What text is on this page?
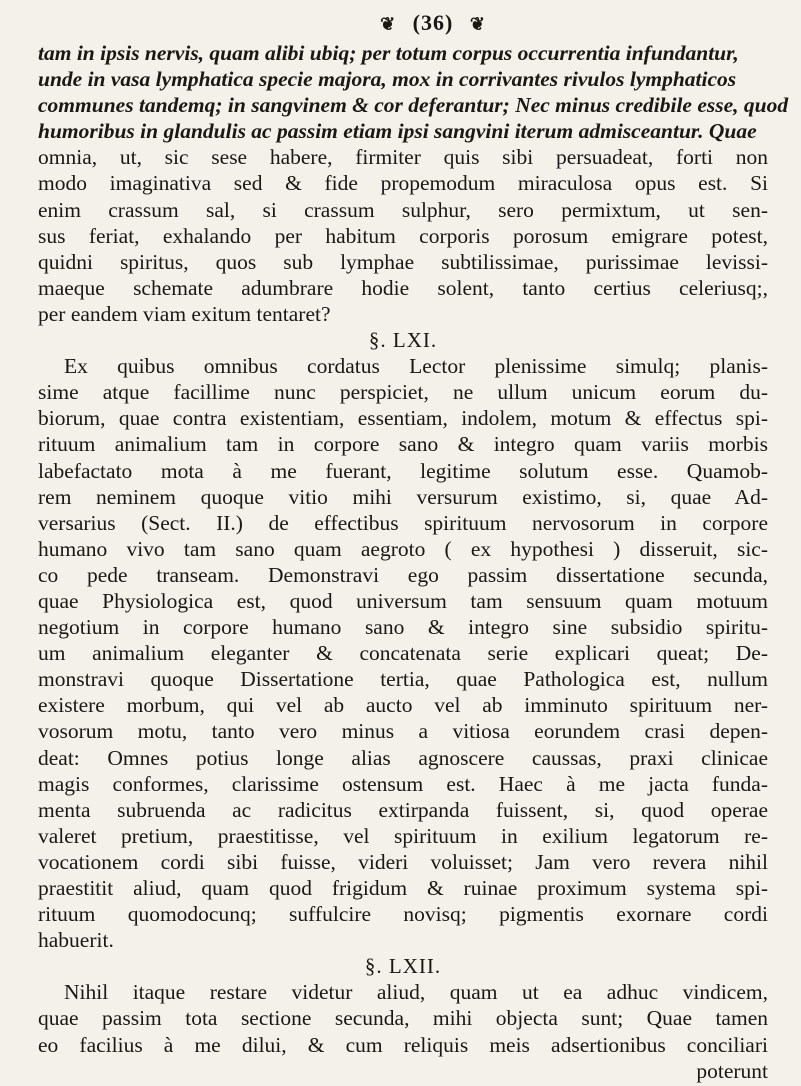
❦ (36) ❦
tam in ipsis nervis, quam alibi ubiq; per totum corpus occurrentia infundantur,
unde in vasa lymphatica specie majora, mox in corrivantes rivulos lymphaticos
communes tandemq; in sangvinem & cor deferantur; Nec minus credibile esse, quod
humoribus in glandulis ac passim etiam ipsi sangvini iterum admisceantur. Quae
omnia, ut, sic sese habere, firmiter quis sibi persuadeat, forti non
modo imaginativa sed & fide propemodum miraculosa opus est. Si
enim crassum sal, si crassum sulphur, sero permixtum, ut sen-
sus feriat, exhalando per habitum corporis porosum emigrare potest,
quidni spiritus, quos sub lymphae subtilissimae, purissimae levissi-
maeque schemate adumbrare hodie solent, tanto certius celeriusq;,
per eandem viam exitum tentaret?
§. LXI.
Ex quibus omnibus cordatus Lector plenissime simulq; planis-
sime atque facillime nunc perspiciet, ne ullum unicum eorum du-
biorum, quae contra existentiam, essentiam, indolem, motum & effectus spi-
rituum animalium tam in corpore sano & integro quam variis morbis
labefactato mota à me fuerant, legitime solutum esse. Quamob-
rem neminem quoque vitio mihi versurum existimo, si, quae Ad-
versarius (Sect. II.) de effectibus spirituum nervosorum in corpore
humano vivo tam sano quam aegroto ( ex hypothesi ) disseruit, sic-
co pede transeam. Demonstravi ego passim dissertatione secunda,
quae Physiologica est, quod universum tam sensuum quam motuum
negotium in corpore humano sano & integro sine subsidio spiritu-
um animalium eleganter & concatenata serie explicari queat; De-
monstravi quoque Dissertatione tertia, quae Pathologica est, nullum
existere morbum, qui vel ab aucto vel ab imminuto spirituum ner-
vosorum motu, tanto vero minus a vitiosa eorundem crasi depen-
deat: Omnes potius longe alias agnoscere caussas, praxi clinicae
magis conformes, clarissime ostensum est. Haec à me jacta funda-
menta subruenda ac radicitus extirpanda fuissent, si, quod operae
valeret pretium, praestitisse, vel spirituum in exilium legatorum re-
vocationem cordi sibi fuisse, videri voluisset; Jam vero revera nihil
praestitit aliud, quam quod frigidum & ruinae proximum systema spi-
rituum quomodocunq; suffulcire novisq; pigmentis exornare cordi
habuerit.
§. LXII.
Nihil itaque restare videtur aliud, quam ut ea adhuc vindicem,
quae passim tota sectione secunda, mihi objecta sunt; Quae tamen
eo facilius à me dilui, & cum reliquis meis adsertionibus conciliari
poterunt
